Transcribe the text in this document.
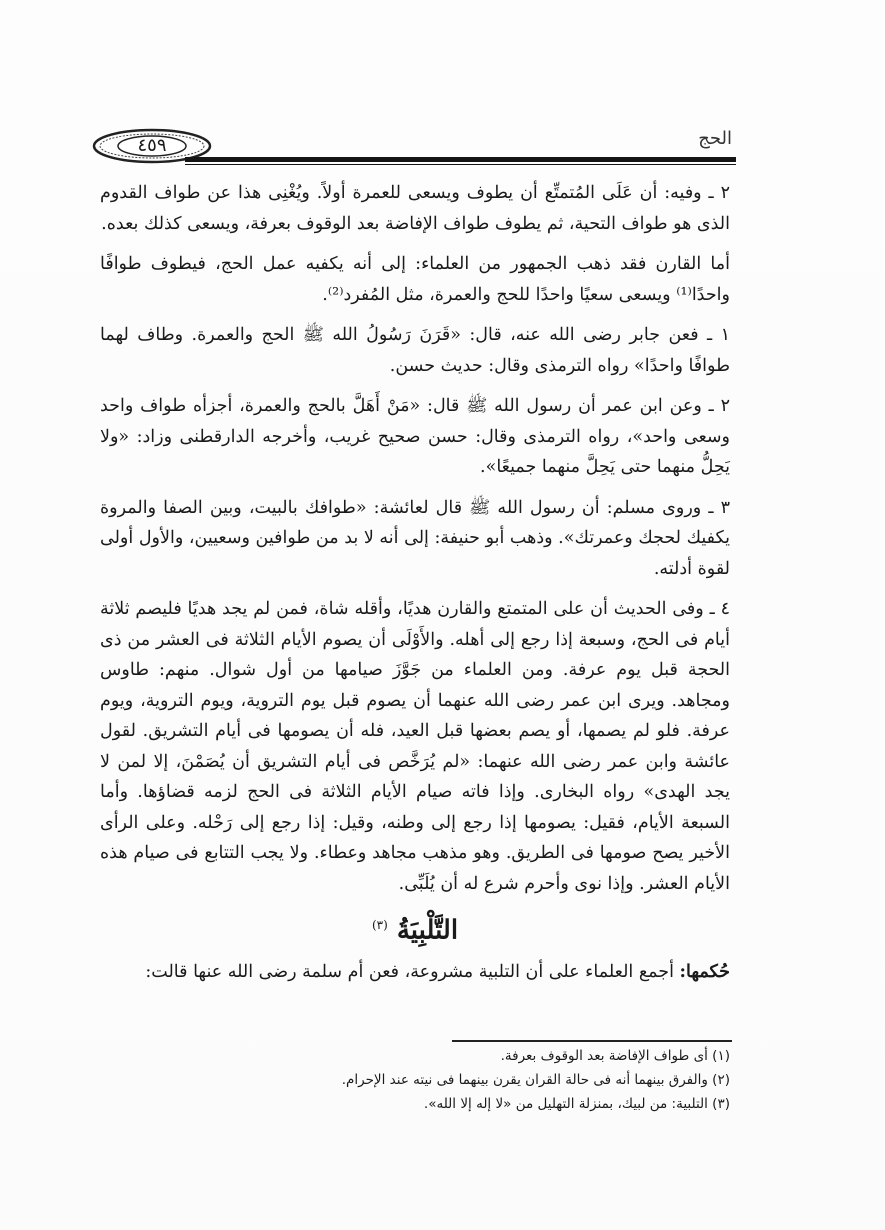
٤٥٩	الحج

٢ ـ وفيه: أن عَلَى المُتمتِّع أن يطوف ويسعى للعمرة أولاً. ويُغْنِى هذا عن طواف القدوم الذى هو طواف التحية، ثم يطوف طواف الإفاضة بعد الوقوف بعرفة، ويسعى كذلك بعده.

أما القارن فقد ذهب الجمهور من العلماء: إلى أنه يكفيه عمل الحج، فيطوف طوافًا واحدًا⁽¹⁾ ويسعى سعيًا واحدًا للحج والعمرة، مثل المُفرد⁽²⁾.

١ ـ فعن جابر رضى الله عنه، قال: «قَرَنَ رَسُولُ الله ﷺ الحج والعمرة. وطاف لهما طوافًا واحدًا» رواه الترمذى وقال: حديث حسن.

٢ ـ وعن ابن عمر أن رسول الله ﷺ قال: «مَنْ أَهَلَّ بالحج والعمرة، أجزأه طواف واحد وسعى واحد»، رواه الترمذى وقال: حسن صحيح غريب، وأخرجه الدارقطنى وزاد: «ولا يَحِلُّ منهما حتى يَحِلَّ منهما جميعًا».

٣ ـ وروى مسلم: أن رسول الله ﷺ قال لعائشة: «طوافك بالبيت، وبين الصفا والمروة يكفيك لحجك وعمرتك». وذهب أبو حنيفة: إلى أنه لا بد من طوافين وسعيين، والأول أولى لقوة أدلته.

٤ ـ وفى الحديث أن على المتمتع والقارن هديًا، وأقله شاة، فمن لم يجد هديًا فليصم ثلاثة أيام فى الحج، وسبعة إذا رجع إلى أهله. والأَوْلَى أن يصوم الأيام الثلاثة فى العشر من ذى الحجة قبل يوم عرفة. ومن العلماء من جَوَّزَ صيامها من أول شوال. منهم: طاوس ومجاهد. ويرى ابن عمر رضى الله عنهما أن يصوم قبل يوم التروية، ويوم التروية، ويوم عرفة. فلو لم يصمها، أو يصم بعضها قبل العيد، فله أن يصومها فى أيام التشريق. لقول عائشة وابن عمر رضى الله عنهما: «لم يُرَخَّص فى أيام التشريق أن يُصَمْنَ، إلا لمن لا يجد الهدى» رواه البخارى. وإذا فاته صيام الأيام الثلاثة فى الحج لزمه قضاؤها. وأما السبعة الأيام، فقيل: يصومها إذا رجع إلى وطنه، وقيل: إذا رجع إلى رَحْله. وعلى الرأى الأخير يصح صومها فى الطريق. وهو مذهب مجاهد وعطاء. ولا يجب التتابع فى صيام هذه الأيام العشر. وإذا نوى وأحرم شرع له أن يُلَبِّى.

التَّلْبِيَةُ $^{(٣)}$

حُكمها: أجمع العلماء على أن التلبية مشروعة، فعن أم سلمة رضى الله عنها قالت:

(١) أى طواف الإفاضة بعد الوقوف بعرفة.
(٢) والفرق بينهما أنه فى حالة القران يقرن بينهما فى نيته عند الإحرام.
(٣) التلبية: من لبيك، بمنزلة التهليل من «لا إله إلا الله».
